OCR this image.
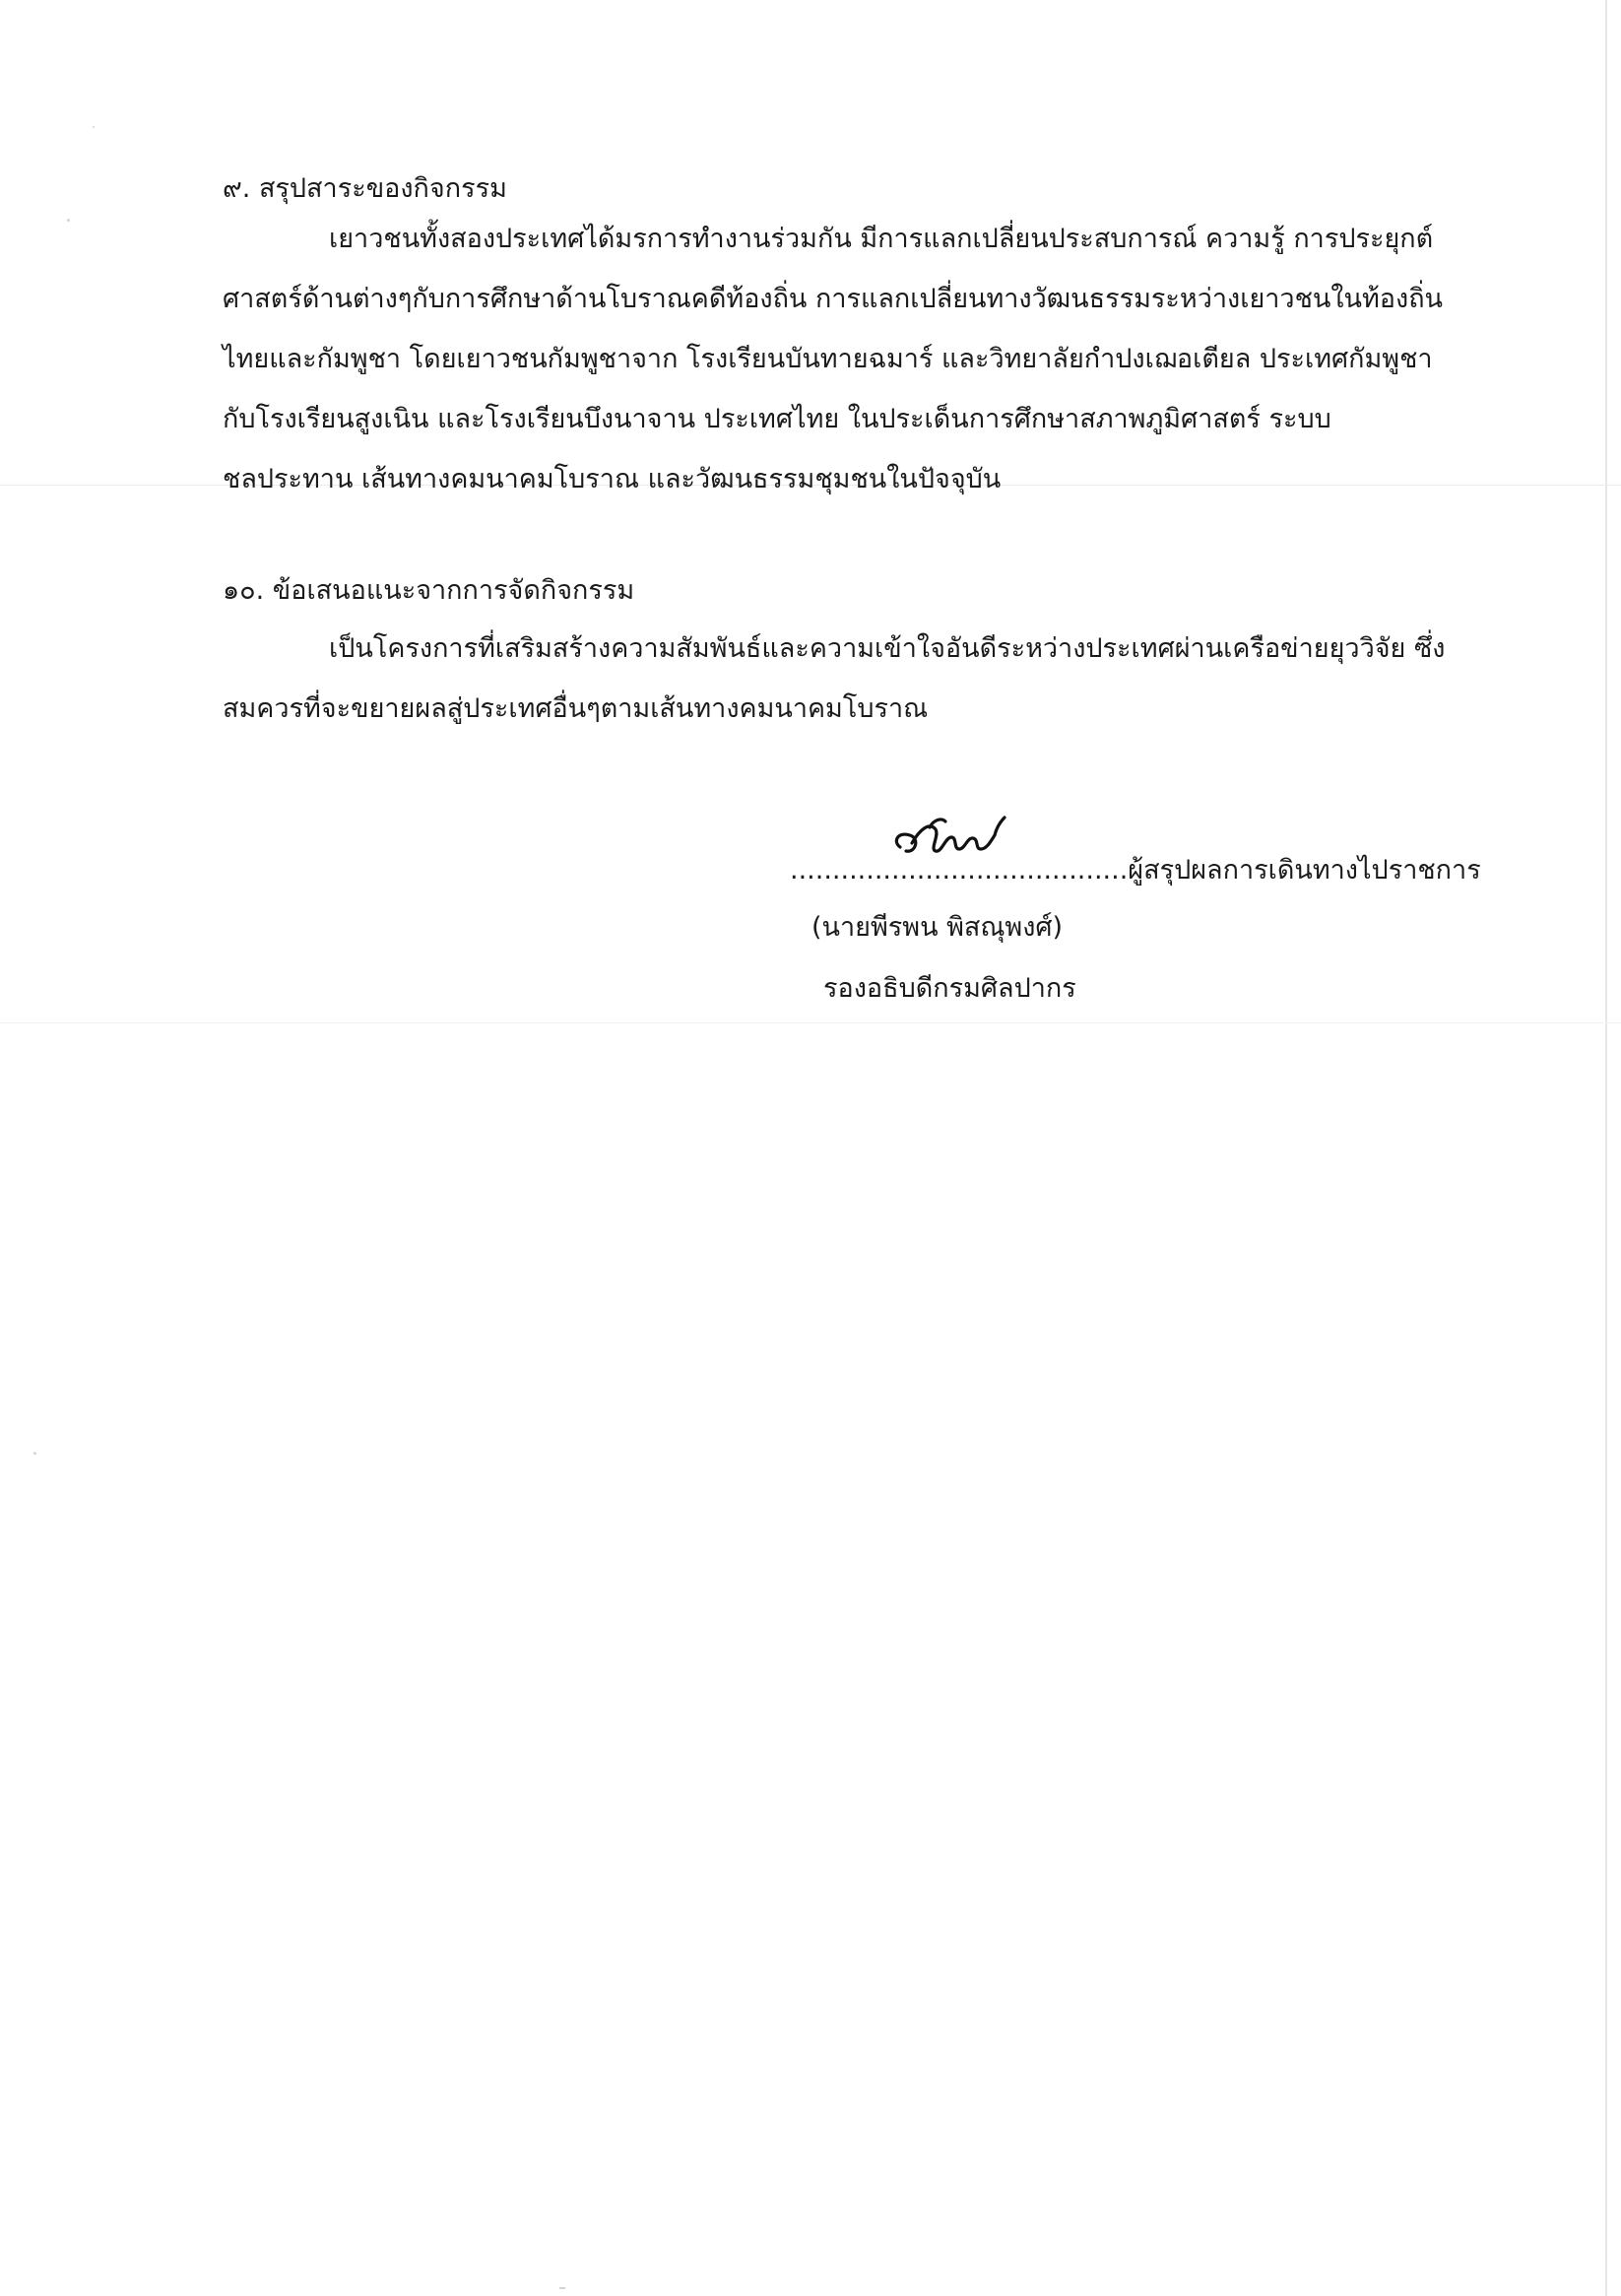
๙. สรุปสาระของกิจกรรม
เยาวชนทั้งสองประเทศได้มรการทำงานร่วมกัน มีการแลกเปลี่ยนประสบการณ์ ความรู้ การประยุกต์
ศาสตร์ด้านต่างๆกับการศึกษาด้านโบราณคดีท้องถิ่น การแลกเปลี่ยนทางวัฒนธรรมระหว่างเยาวชนในท้องถิ่น
ไทยและกัมพูชา โดยเยาวชนกัมพูชาจาก โรงเรียนบันทายฉมาร์ และวิทยาลัยกำปงเฌอเตียล ประเทศกัมพูชา
กับโรงเรียนสูงเนิน และโรงเรียนบึงนาจาน ประเทศไทย ในประเด็นการศึกษาสภาพภูมิศาสตร์ ระบบ
ชลประทาน เส้นทางคมนาคมโบราณ และวัฒนธรรมชุมชนในปัจจุบัน
๑๐. ข้อเสนอแนะจากการจัดกิจกรรม
เป็นโครงการที่เสริมสร้างความสัมพันธ์และความเข้าใจอันดีระหว่างประเทศผ่านเครือข่ายยุววิจัย ซึ่ง
สมควรที่จะขยายผลสู่ประเทศอื่นๆตามเส้นทางคมนาคมโบราณ
........................................ผู้สรุปผลการเดินทางไปราชการ
(นายพีรพน พิสณุพงศ์)
รองอธิบดีกรมศิลปากร
